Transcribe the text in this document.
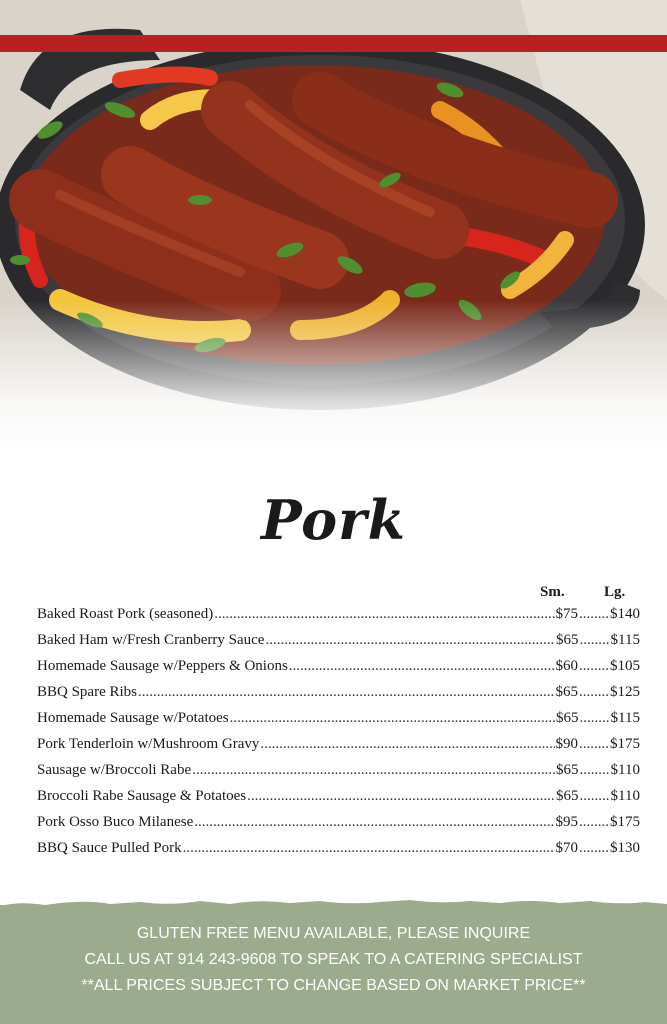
Pork
Sm.	Lg.
Baked Roast Pork (seasoned) .....	$75 ..... $140
Baked Ham w/Fresh Cranberry Sauce .....	$65 ..... $115
Homemade Sausage w/Peppers & Onions .....	$60 ..... $105
BBQ Spare Ribs .....	$65 ..... $125
Homemade Sausage w/Potatoes .....	$65 ..... $115
Pork Tenderloin w/Mushroom Gravy .....	$90 ..... $175
Sausage w/Broccoli Rabe .....	$65 ..... $110
Broccoli Rabe Sausage & Potatoes .....	$65 ..... $110
Pork Osso Buco Milanese .....	$95 ..... $175
BBQ Sauce Pulled Pork .....	$70 ..... $130
GLUTEN FREE MENU AVAILABLE, PLEASE INQUIRE
CALL US AT 914 243-9608 TO SPEAK TO A CATERING SPECIALIST
**ALL PRICES SUBJECT TO CHANGE BASED ON MARKET PRICE**
